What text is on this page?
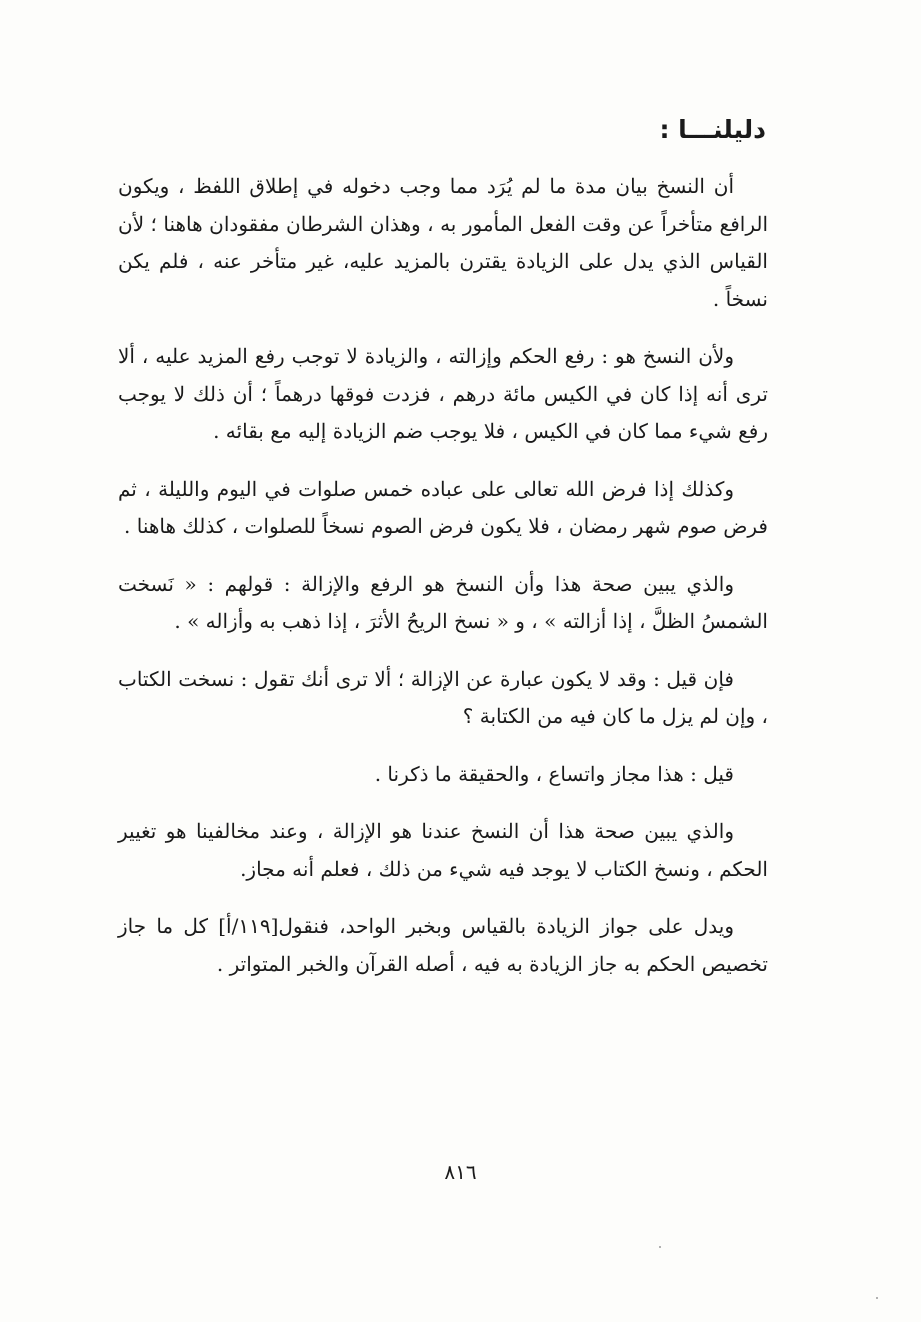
دليلنـــا :

أن النسخ بيان مدة ما لم يُرَد مما وجب دخوله في إطلاق اللفظ ، ويكون الرافع متأخراً عن وقت الفعل المأمور به ، وهذان الشرطان مفقودان هاهنا ؛ لأن القياس الذي يدل على الزيادة يقترن بالمزيد عليه، غير متأخر عنه ، فلم يكن نسخاً .

ولأن النسخ هو : رفع الحكم وإزالته ، والزيادة لا توجب رفع المزيد عليه ، ألا ترى أنه إذا كان في الكيس مائة درهم ، فزدت فوقها درهماً ؛ أن ذلك لا يوجب رفع شيء مما كان في الكيس ، فلا يوجب ضم الزيادة إليه مع بقائه .

وكذلك إذا فرض الله تعالى على عباده خمس صلوات في اليوم والليلة ، ثم فرض صوم شهر رمضان ، فلا يكون فرض الصوم نسخاً للصلوات ، كذلك هاهنا .

والذي يبين صحة هذا وأن النسخ هو الرفع والإزالة : قولهم : « نَسخت الشمسُ الظلَّ ، إذا أزالته » ، و « نسخ الريحُ الأثرَ ، إذا ذهب به وأزاله » .

فإن قيل : وقد لا يكون عبارة عن الإزالة ؛ ألا ترى أنك تقول : نسخت الكتاب ، وإن لم يزل ما كان فيه من الكتابة ؟

قيل : هذا مجاز واتساع ، والحقيقة ما ذكرنا .

والذي يبين صحة هذا أن النسخ عندنا هو الإزالة ، وعند مخالفينا هو تغيير الحكم ، ونسخ الكتاب لا يوجد فيه شيء من ذلك ، فعلم أنه مجاز.

ويدل على جواز الزيادة بالقياس وبخبر الواحد، فنقول[١١٩/أ] كل ما جاز تخصيص الحكم به جاز الزيادة به فيه ، أصله القرآن والخبر المتواتر .

٨١٦
